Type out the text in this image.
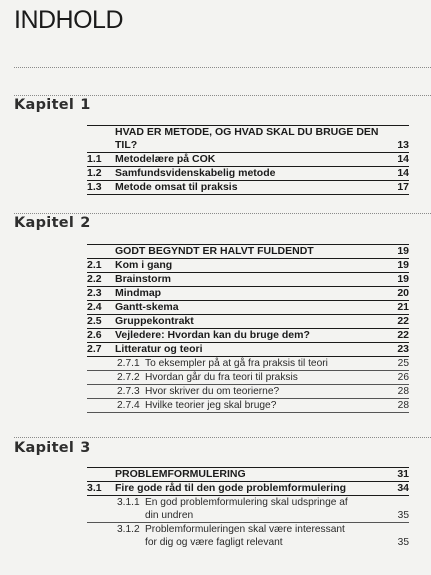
INDHOLD
Kapitel 1
HVAD ER METODE, OG HVAD SKAL DU BRUGE DEN TIL?	13
1.1	Metodelære på COK	14
1.2	Samfundsvidenskabelig metode	14
1.3	Metode omsat til praksis	17
Kapitel 2
GODT BEGYNDT ER HALVT FULDENDT	19
2.1	Kom i gang	19
2.2	Brainstorm	19
2.3	Mindmap	20
2.4	Gantt-skema	21
2.5	Gruppekontrakt	22
2.6	Vejledere: Hvordan kan du bruge dem?	22
2.7	Litteratur og teori	23
2.7.1 To eksempler på at gå fra praksis til teori	25
2.7.2 Hvordan går du fra teori til praksis	26
2.7.3 Hvor skriver du om teorierne?	28
2.7.4 Hvilke teorier jeg skal bruge?	28
Kapitel 3
PROBLEMFORMULERING	31
3.1	Fire gode råd til den gode problemformulering	34
3.1.1 En god problemformulering skal udspringe af
din undren	35
3.1.2 Problemformuleringen skal være interessant
for dig og være fagligt relevant	35
